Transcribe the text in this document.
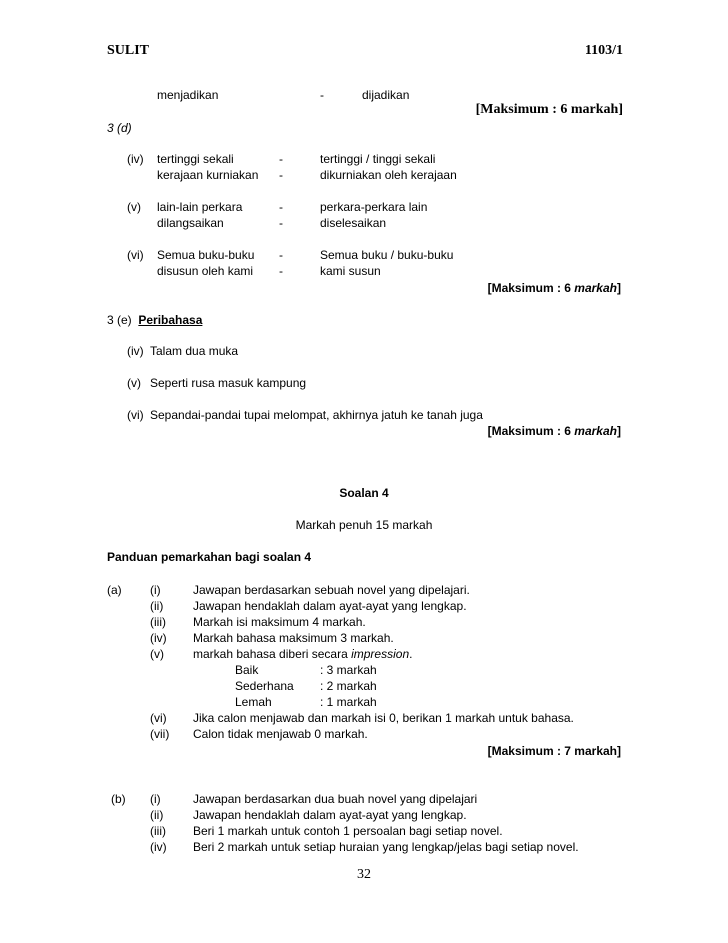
SULIT	1103/1
menjadikan	-	dijadikan
[Maksimum : 6 markah]
3 (d)
(iv) tertinggi sekali	-	tertinggi / tinggi sekali
kerajaan kurniakan -	dikurniakan oleh kerajaan
(v) lain-lain perkara	-	perkara-perkara lain
dilangsaikan	-	diselesaikan
(vi) Semua buku-buku -	Semua buku / buku-buku
disusun oleh kami -	kami susun
[Maksimum : 6 markah]
3 (e) Peribahasa
(iv) Talam dua muka
(v) Seperti rusa masuk kampung
(vi) Sepandai-pandai tupai melompat, akhirnya jatuh ke tanah juga
[Maksimum : 6 markah]
Soalan 4
Markah penuh 15 markah
Panduan pemarkahan bagi soalan 4
(a) (i)	Jawapan berdasarkan sebuah novel yang dipelajari.
(ii) Jawapan hendaklah dalam ayat-ayat yang lengkap.
(iii) Markah isi maksimum 4 markah.
(iv) Markah bahasa maksimum 3 markah.
(v) markah bahasa diberi secara impression.
Baik	: 3 markah
Sederhana : 2 markah
Lemah	: 1 markah
(vi) Jika calon menjawab dan markah isi 0, berikan 1 markah untuk bahasa.
(vii) Calon tidak menjawab 0 markah.
[Maksimum : 7 markah]
(b) (i)	Jawapan berdasarkan dua buah novel yang dipelajari
(ii) Jawapan hendaklah dalam ayat-ayat yang lengkap.
(iii) Beri 1 markah untuk contoh 1 persoalan bagi setiap novel.
(iv) Beri 2 markah untuk setiap huraian yang lengkap/jelas bagi setiap novel.
32
